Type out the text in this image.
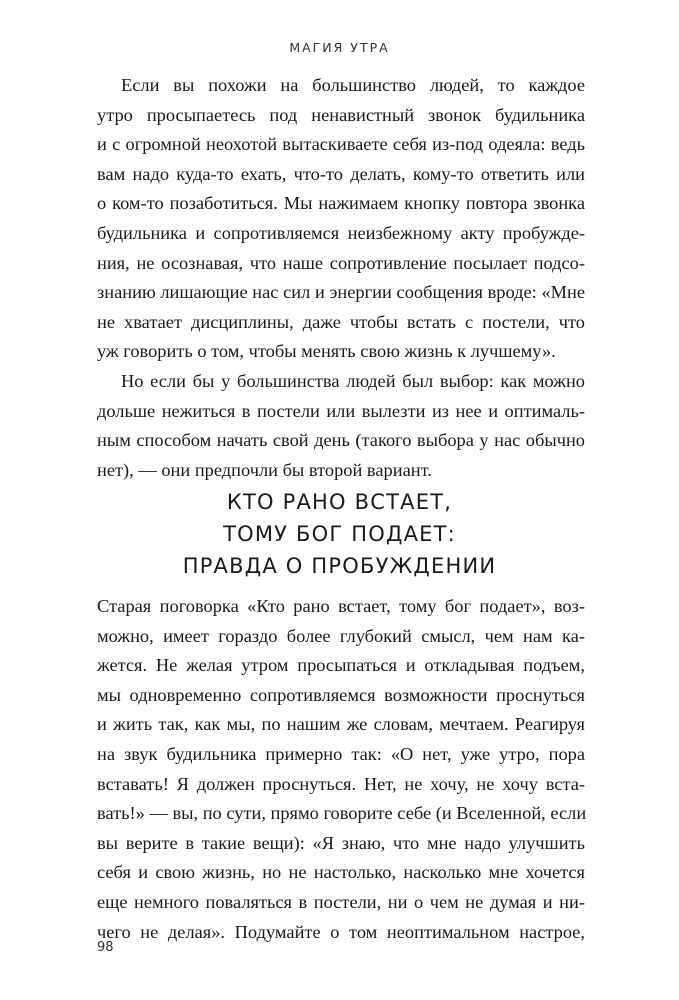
МАГИЯ УТРА
Если вы похожи на большинство людей, то каждое
утро просыпаетесь под ненавистный звонок будильника
и с огромной неохотой вытаскиваете себя из-под одеяла: ведь
вам надо куда-то ехать, что-то делать, кому-то ответить или
о ком-то позаботиться. Мы нажимаем кнопку повтора звонка
будильника и сопротивляемся неизбежному акту пробужде-
ния, не осознавая, что наше сопротивление посылает подсо-
знанию лишающие нас сил и энергии сообщения вроде: «Мне
не хватает дисциплины, даже чтобы встать с постели, что
уж говорить о том, чтобы менять свою жизнь к лучшему».
Но если бы у большинства людей был выбор: как можно
дольше нежиться в постели или вылезти из нее и оптималь-
ным способом начать свой день (такого выбора у нас обычно
нет), — они предпочли бы второй вариант.
КТО РАНО ВСТАЕТ,
ТОМУ БОГ ПОДАЕТ:
ПРАВДА О ПРОБУЖДЕНИИ
Старая поговорка «Кто рано встает, тому бог подает», воз-
можно, имеет гораздо более глубокий смысл, чем нам ка-
жется. Не желая утром просыпаться и откладывая подъем,
мы одновременно сопротивляемся возможности проснуться
и жить так, как мы, по нашим же словам, мечтаем. Реагируя
на звук будильника примерно так: «О нет, уже утро, пора
вставать! Я должен проснуться. Нет, не хочу, не хочу вста-
вать!» — вы, по сути, прямо говорите себе (и Вселенной, если
вы верите в такие вещи): «Я знаю, что мне надо улучшить
себя и свою жизнь, но не настолько, насколько мне хочется
еще немного поваляться в постели, ни о чем не думая и ни-
чего не делая». Подумайте о том неоптимальном настрое,
98
